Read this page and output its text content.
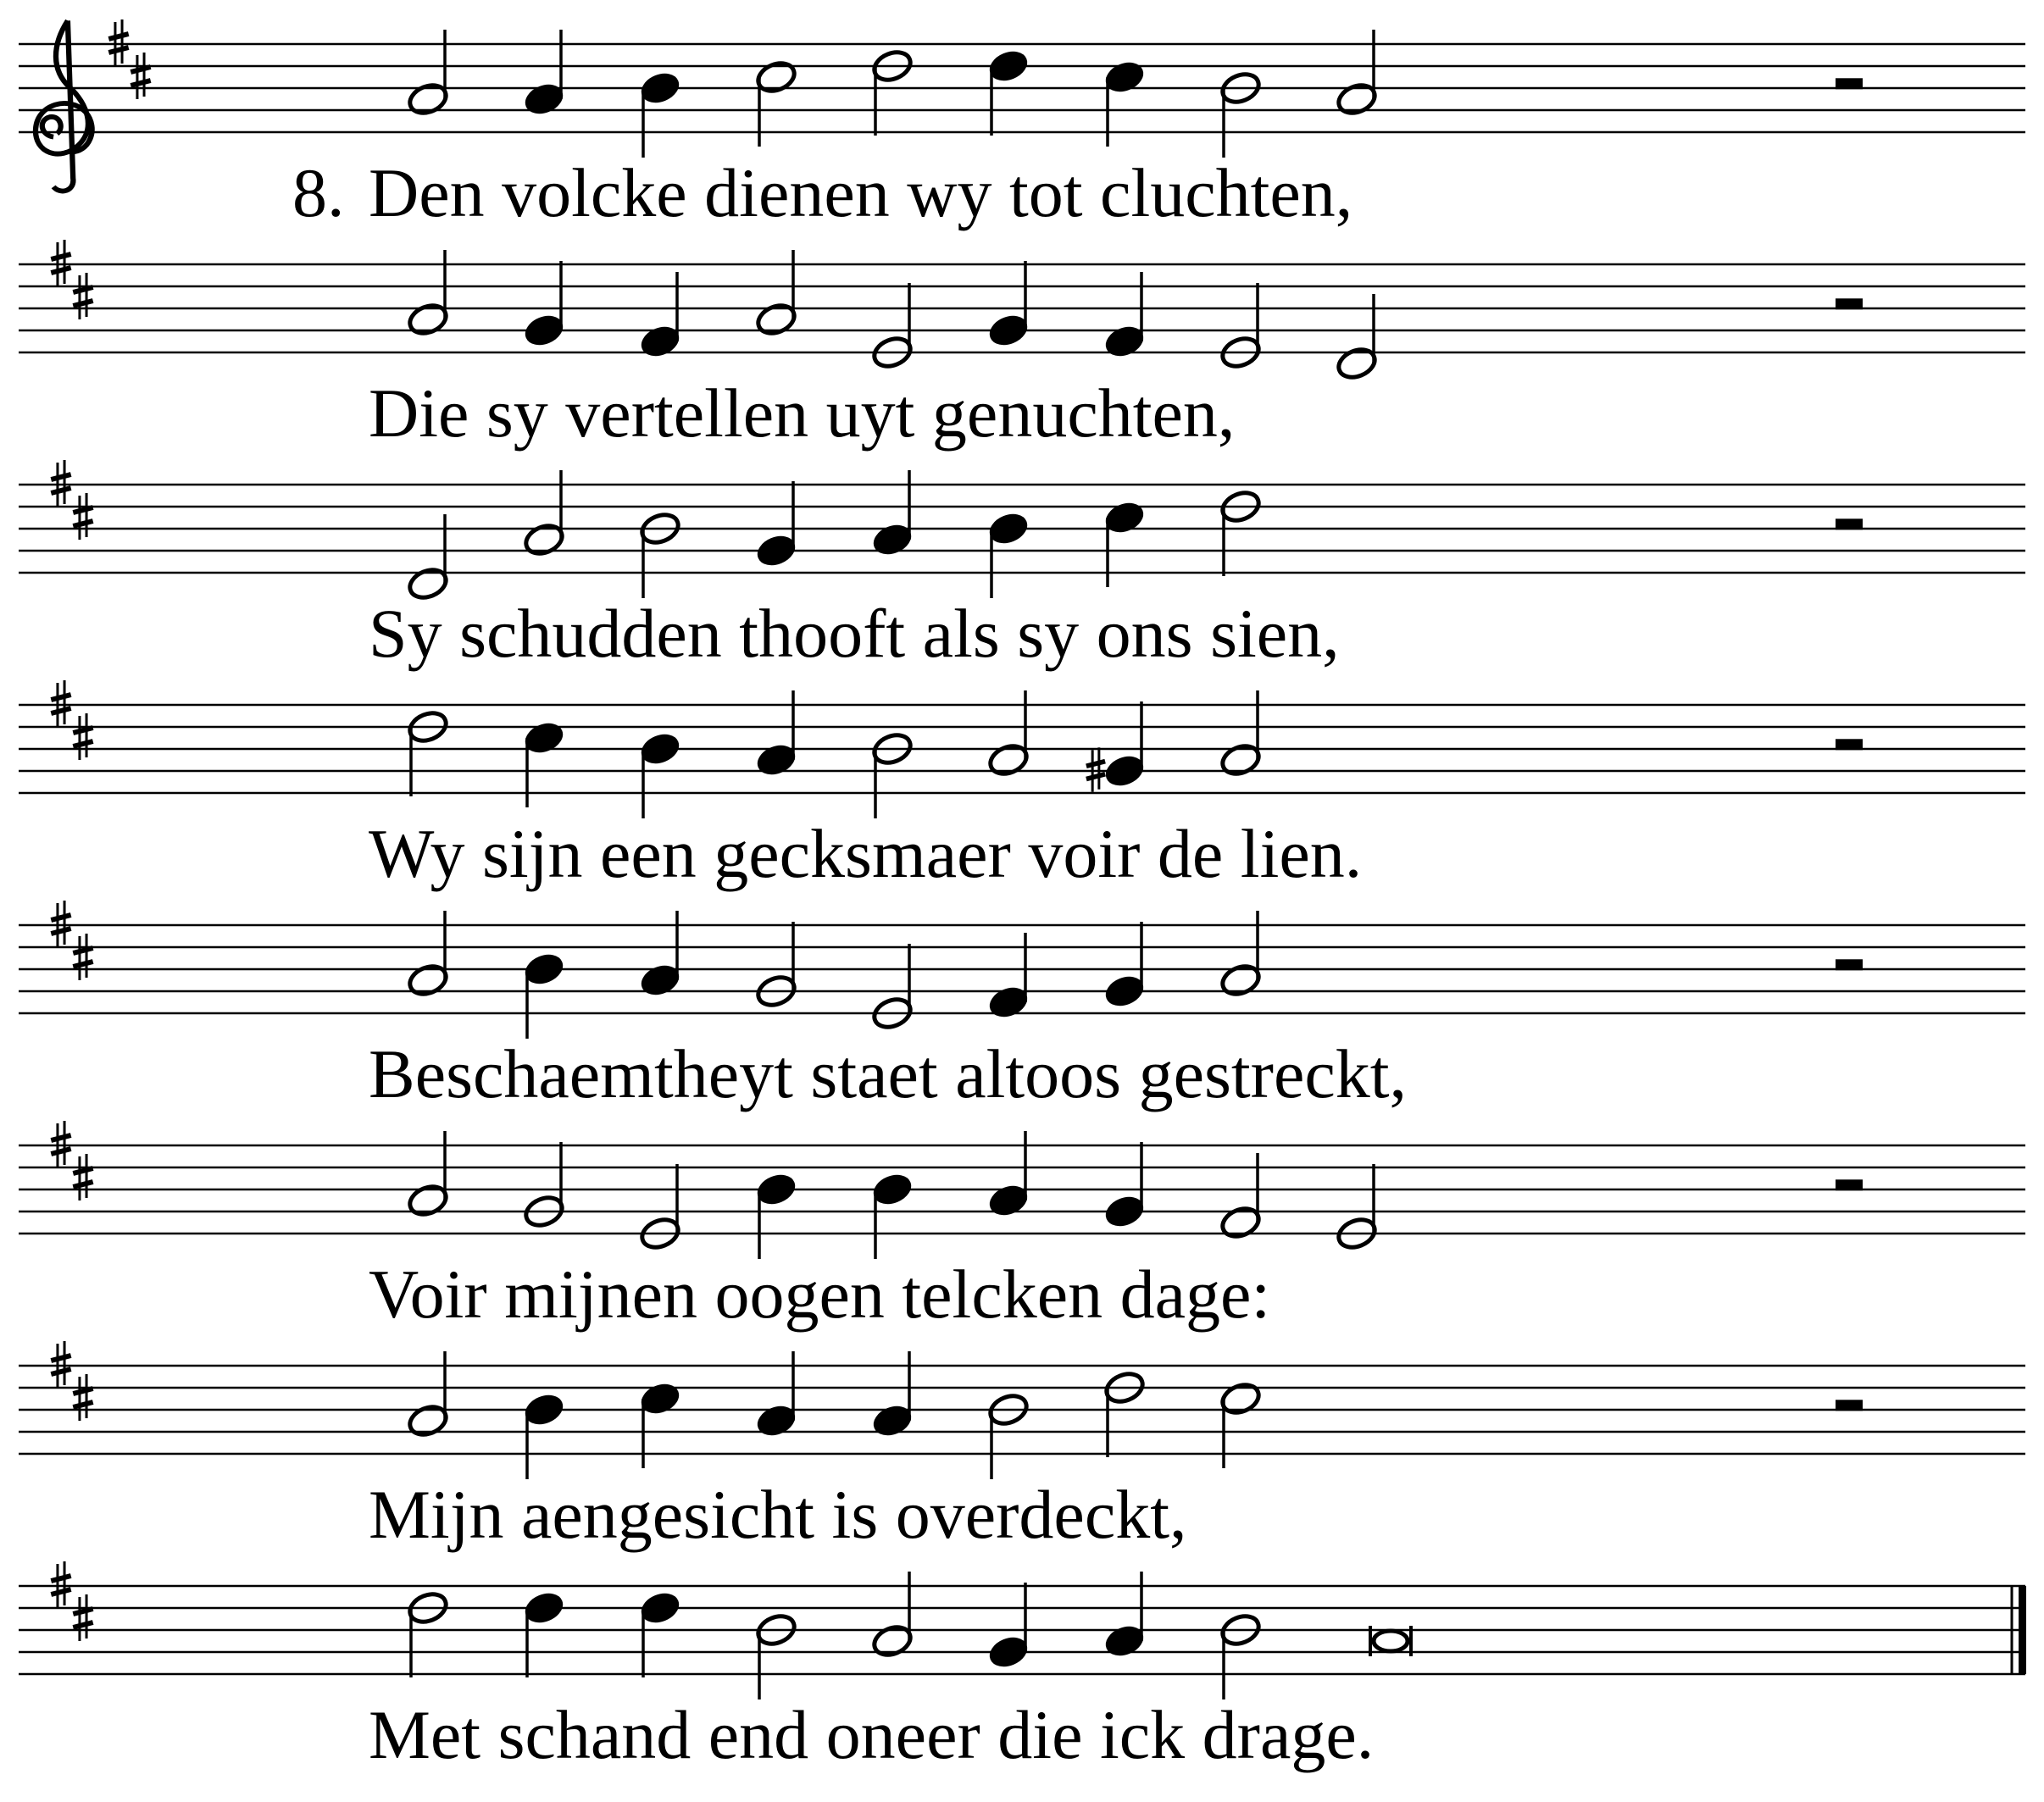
8. Den volcke dienen wy tot cluchten,
Die sy vertellen uyt genuchten,
Sy schudden thooft als sy ons sien,
Wy sijn een gecksmaer voir de lien.
Beschaemtheyt staet altoos gestreckt,
Voir mijnen oogen telcken dage:
Mijn aengesicht is overdeckt,
Met schand end oneer die ick drage.
